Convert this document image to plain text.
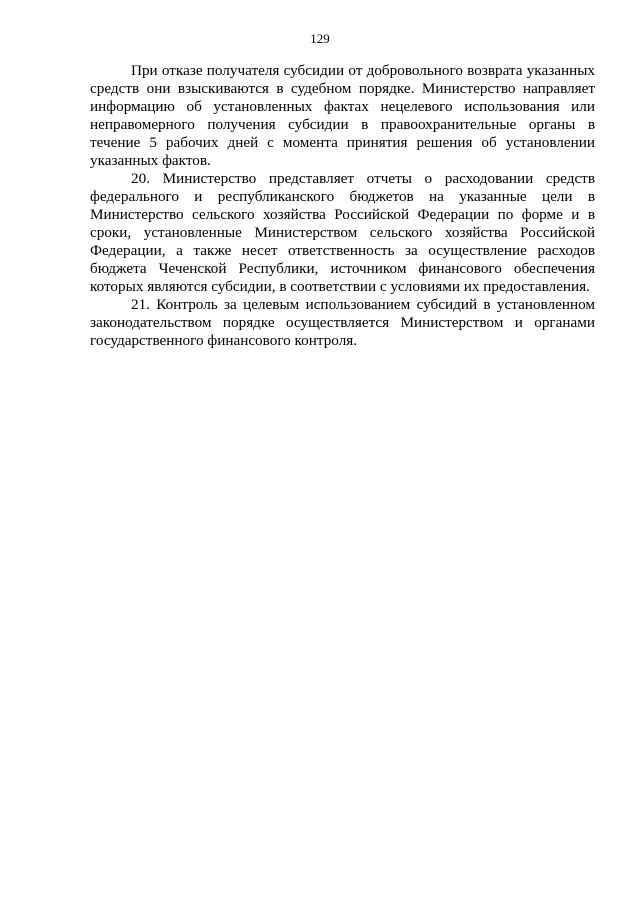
129

При отказе получателя субсидии от добровольного возврата указанных средств они взыскиваются в судебном порядке. Министерство направляет информацию об установленных фактах нецелевого использования или неправомерного получения субсидии в правоохранительные органы в течение 5 рабочих дней с момента принятия решения об установлении указанных фактов.

20. Министерство представляет отчеты о расходовании средств федерального и республиканского бюджетов на указанные цели в Министерство сельского хозяйства Российской Федерации по форме и в сроки, установленные Министерством сельского хозяйства Российской Федерации, а также несет ответственность за осуществление расходов бюджета Чеченской Республики, источником финансового обеспечения которых являются субсидии, в соответствии с условиями их предоставления.

21. Контроль за целевым использованием субсидий в установленном законодательством порядке осуществляется Министерством и органами государственного финансового контроля.
